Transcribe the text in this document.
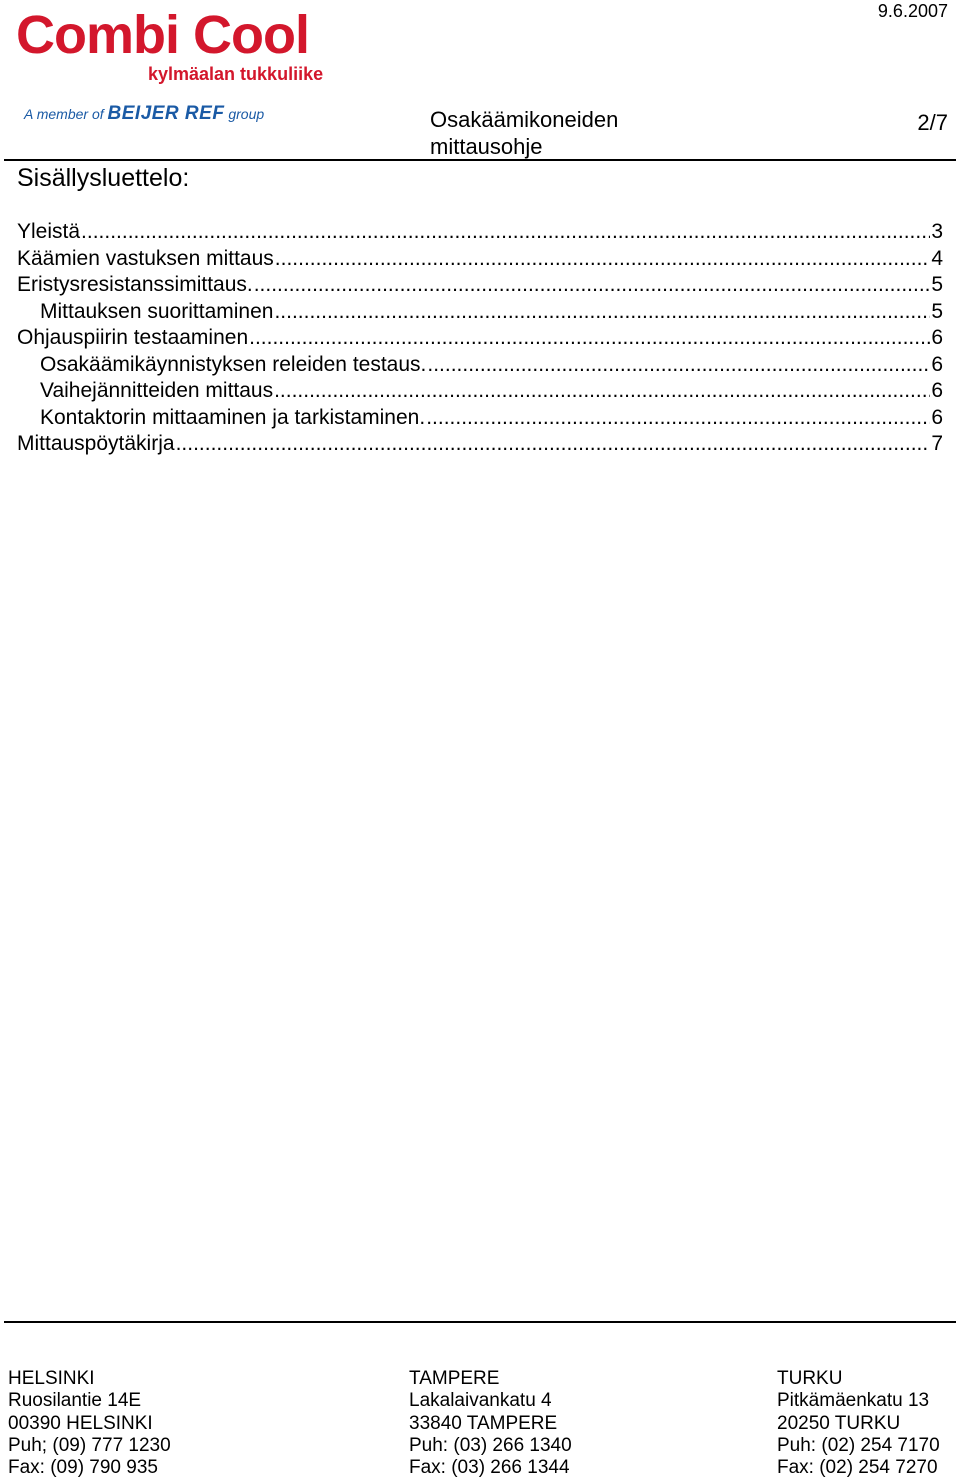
9.6.2007
Combi Cool
kylmäalan tukkuliike
A member of BEIJER REF group	Osakäämikoneiden
mittausohje
2/7
Sisällysluettelo:
Yleistä .....	3
Käämien vastuksen mittaus .....	4
Eristysresistanssimittaus. .....	5
Mittauksen suorittaminen .....	5
Ohjauspiirin testaaminen .....	6
Osakäämikäynnistyksen releiden testaus. .....	6
Vaihejännitteiden mittaus .....	6
Kontaktorin mittaaminen ja tarkistaminen. .....	6
Mittauspöytäkirja .....	7
HELSINKI
Ruosilantie 14E
00390 HELSINKI
Puh; (09) 777 1230
Fax: (09) 790 935
TAMPERE
Lakalaivankatu 4
33840 TAMPERE
Puh: (03) 266 1340
Fax: (03) 266 1344
TURKU
Pitkämäenkatu 13
20250 TURKU
Puh: (02) 254 7170
Fax: (02) 254 7270
